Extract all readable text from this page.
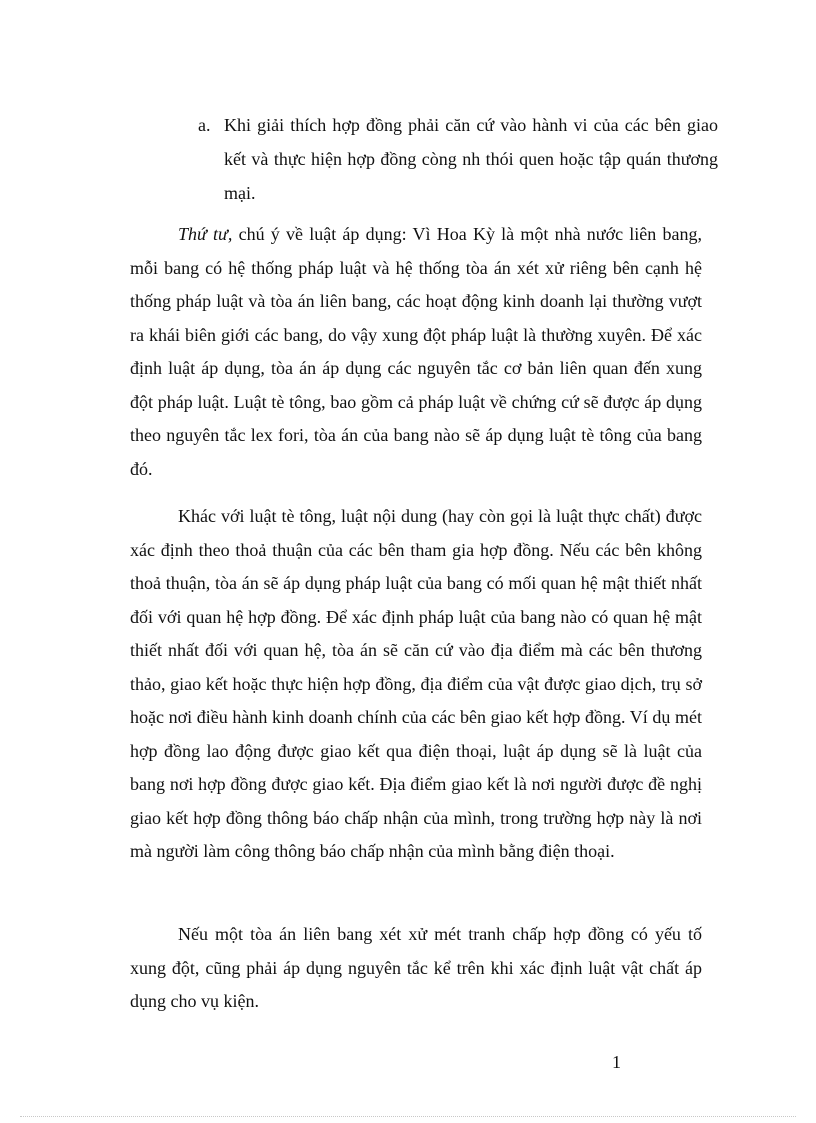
a. Khi giải thích hợp đồng phải căn cứ vào hành vi của các bên giao kết và thực hiện hợp đồng còng nh thói quen hoặc tập quán thương mại.

Thứ tư, chú ý về luật áp dụng: Vì Hoa Kỳ là một nhà nước liên bang, mỗi bang có hệ thống pháp luật và hệ thống tòa án xét xử riêng bên cạnh hệ thống pháp luật và tòa án liên bang, các hoạt động kinh doanh lại thường vượt ra khái biên giới các bang, do vậy xung đột pháp luật là thường xuyên. Để xác định luật áp dụng, tòa án áp dụng các nguyên tắc cơ bản liên quan đến xung đột pháp luật. Luật tè tông, bao gồm cả pháp luật về chứng cứ sẽ được áp dụng theo nguyên tắc lex fori, tòa án của bang nào sẽ áp dụng luật tè tông của bang đó.

Khác với luật tè tông, luật nội dung (hay còn gọi là luật thực chất) được xác định theo thoả thuận của các bên tham gia hợp đồng. Nếu các bên không thoả thuận, tòa án sẽ áp dụng pháp luật của bang có mối quan hệ mật thiết nhất đối với quan hệ hợp đồng. Để xác định pháp luật của bang nào có quan hệ mật thiết nhất đối với quan hệ, tòa án sẽ căn cứ vào địa điểm mà các bên thương thảo, giao kết hoặc thực hiện hợp đồng, địa điểm của vật được giao dịch, trụ sở hoặc nơi điều hành kinh doanh chính của các bên giao kết hợp đồng. Ví dụ mét hợp đồng lao động được giao kết qua điện thoại, luật áp dụng sẽ là luật của bang nơi hợp đồng được giao kết. Địa điểm giao kết là nơi người được đề nghị giao kết hợp đồng thông báo chấp nhận của mình, trong trường hợp này là nơi mà người làm công thông báo chấp nhận của mình bằng điện thoại.

Nếu một tòa án liên bang xét xử mét tranh chấp hợp đồng có yếu tố xung đột, cũng phải áp dụng nguyên tắc kể trên khi xác định luật vật chất áp dụng cho vụ kiện.

1
